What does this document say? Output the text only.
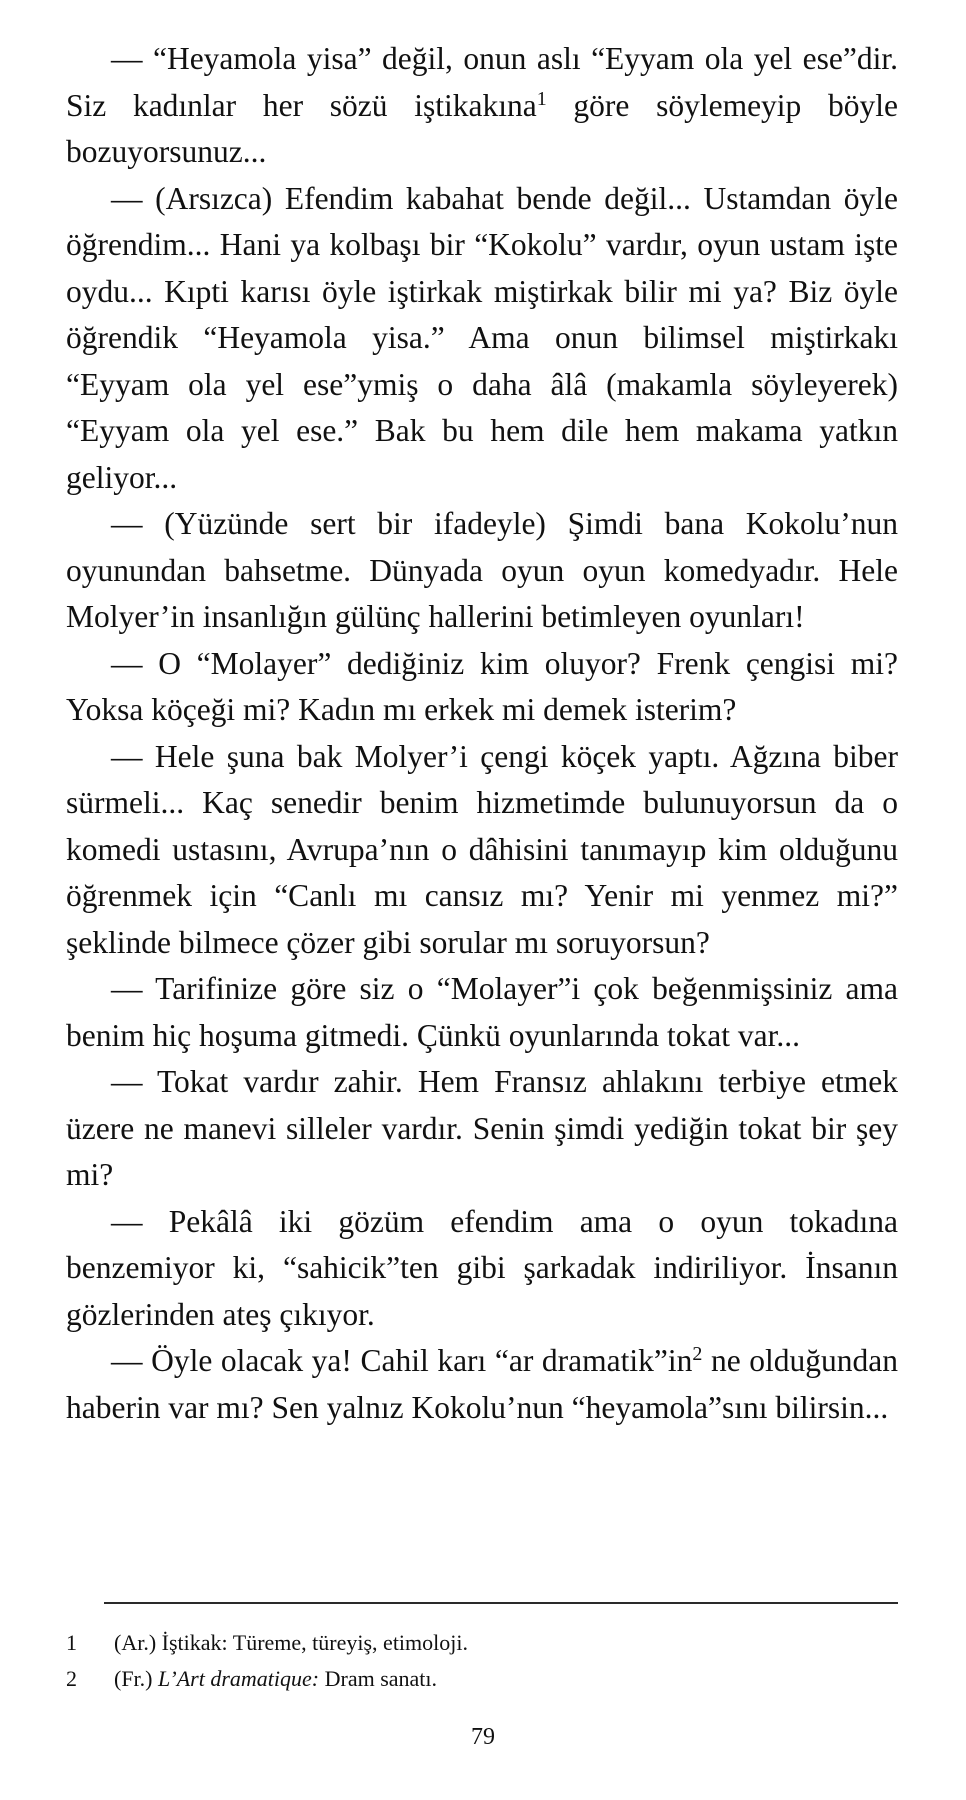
— “Heyamola yisa” değil, onun aslı “Eyyam ola yel ese”dir. Siz kadınlar her sözü iştikakına$^1$ göre söylemeyip böyle bozuyorsunuz...

— (Arsızca) Efendim kabahat bende değil... Ustamdan öyle öğrendim... Hani ya kolbaşı bir “Kokolu” vardır, oyun ustam işte oydu... Kıpti karısı öyle iştirkak miştirkak bilir mi ya? Biz öyle öğrendik “Heyamola yisa.” Ama onun bilimsel miştirkakı “Eyyam ola yel ese”ymiş o daha âlâ (makamla söyleyerek) “Eyyam ola yel ese.” Bak bu hem dile hem makama yatkın geliyor...

— (Yüzünde sert bir ifadeyle) Şimdi bana Kokolu’nun oyunundan bahsetme. Dünyada oyun oyun komedyadır. Hele Molyer’in insanlığın gülünç hallerini betimleyen oyunları!

— O “Molayer” dediğiniz kim oluyor? Frenk çengisi mi? Yoksa köçeği mi? Kadın mı erkek mi demek isterim?

— Hele şuna bak Molyer’i çengi köçek yaptı. Ağzına biber sürmeli... Kaç senedir benim hizmetimde bulunuyorsun da o komedi ustasını, Avrupa’nın o dâhisini tanımayıp kim olduğunu öğrenmek için “Canlı mı cansız mı? Yenir mi yenmez mi?” şeklinde bilmece çözer gibi sorular mı soruyorsun?

— Tarifinize göre siz o “Molayer”i çok beğenmişsiniz ama benim hiç hoşuma gitmedi. Çünkü oyunlarında tokat var...

— Tokat vardır zahir. Hem Fransız ahlakını terbiye etmek üzere ne manevi silleler vardır. Senin şimdi yediğin tokat bir şey mi?

— Pekâlâ iki gözüm efendim ama o oyun tokadına benzemiyor ki, “sahicik”ten gibi şarkadak indiriliyor. İnsanın gözlerinden ateş çıkıyor.

— Öyle olacak ya! Cahil karı “ar $dramatik”in^2$ ne olduğundan haberin var mı? Sen yalnız Kokolu’nun “heyamola”sını bilirsin...

1	(Ar.) İştikak: Türeme, türeyiş, etimoloji.
2	(Fr.) L’Art dramatique: Dram sanatı.
79
